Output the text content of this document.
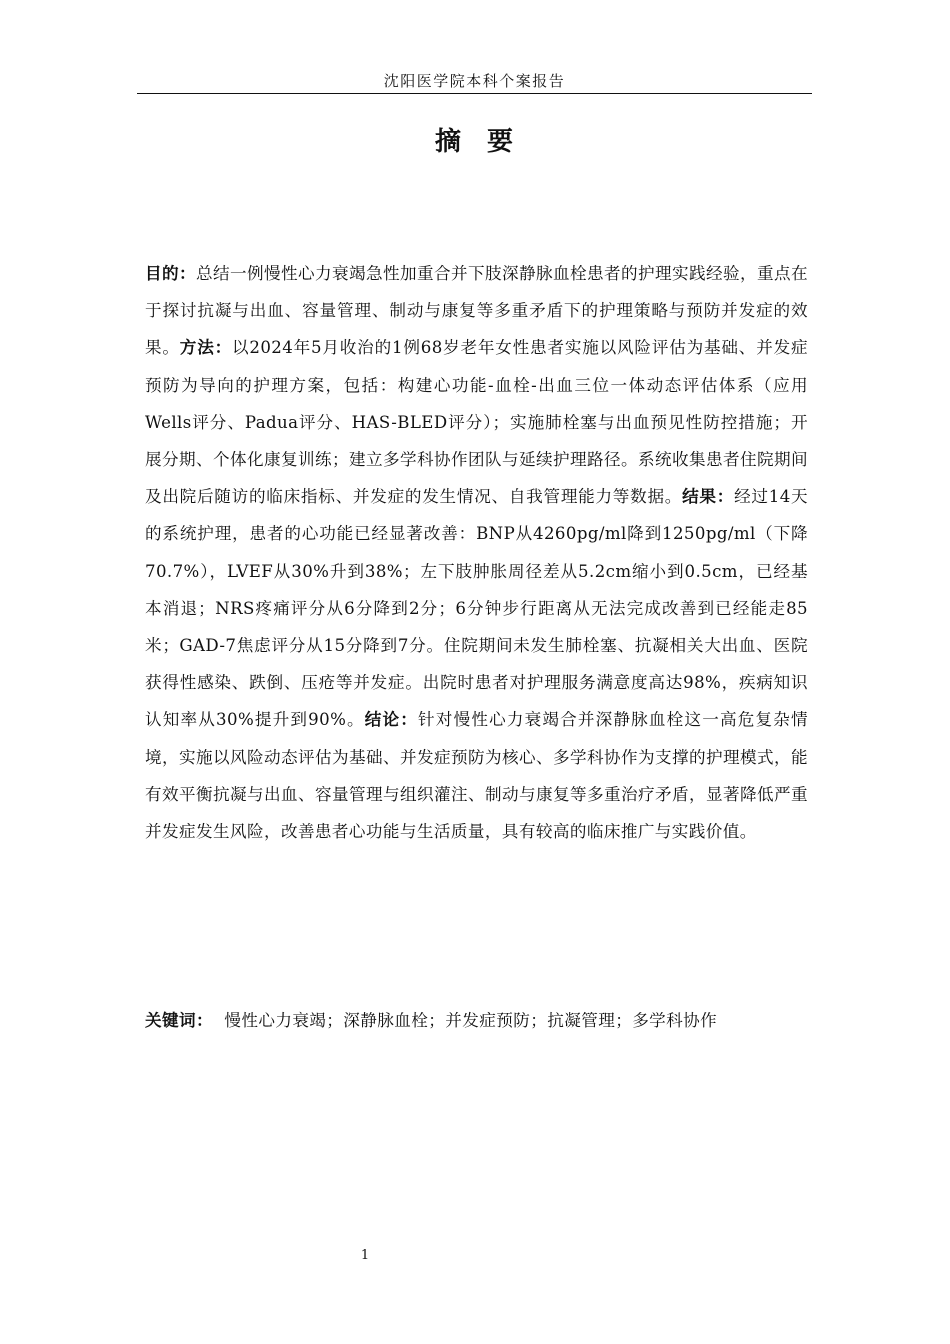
沈阳医学院本科个案报告
摘 要
目的：总结一例慢性心力衰竭急性加重合并下肢深静脉血栓患者的护理实践经验，重点在于探讨抗凝与出血、容量管理、制动与康复等多重矛盾下的护理策略与预防并发症的效果。方法：以2024年5月收治的1例68岁老年女性患者实施以风险评估为基础、并发症预防为导向的护理方案，包括：构建心功能-血栓-出血三位一体动态评估体系（应用Wells评分、Padua评分、HAS-BLED评分）；实施肺栓塞与出血预见性防控措施；开展分期、个体化康复训练；建立多学科协作团队与延续护理路径。系统收集患者住院期间及出院后随访的临床指标、并发症的发生情况、自我管理能力等数据。结果：经过14天的系统护理，患者的心功能已经显著改善：BNP从4260pg/ml降到1250pg/ml（下降70.7%），LVEF从30%升到38%；左下肢肿胀周径差从5.2cm缩小到0.5cm，已经基本消退；NRS疼痛评分从6分降到2分；6分钟步行距离从无法完成改善到已经能走85米；GAD-7焦虑评分从15分降到7分。住院期间未发生肺栓塞、抗凝相关大出血、医院获得性感染、跌倒、压疮等并发症。出院时患者对护理服务满意度高达98%，疾病知识认知率从30%提升到90%。结论：针对慢性心力衰竭合并深静脉血栓这一高危复杂情境，实施以风险动态评估为基础、并发症预防为核心、多学科协作为支撑的护理模式，能有效平衡抗凝与出血、容量管理与组织灌注、制动与康复等多重治疗矛盾，显著降低严重并发症发生风险，改善患者心功能与生活质量，具有较高的临床推广与实践价值。
关键词： 慢性心力衰竭；深静脉血栓；并发症预防；抗凝管理；多学科协作
1
